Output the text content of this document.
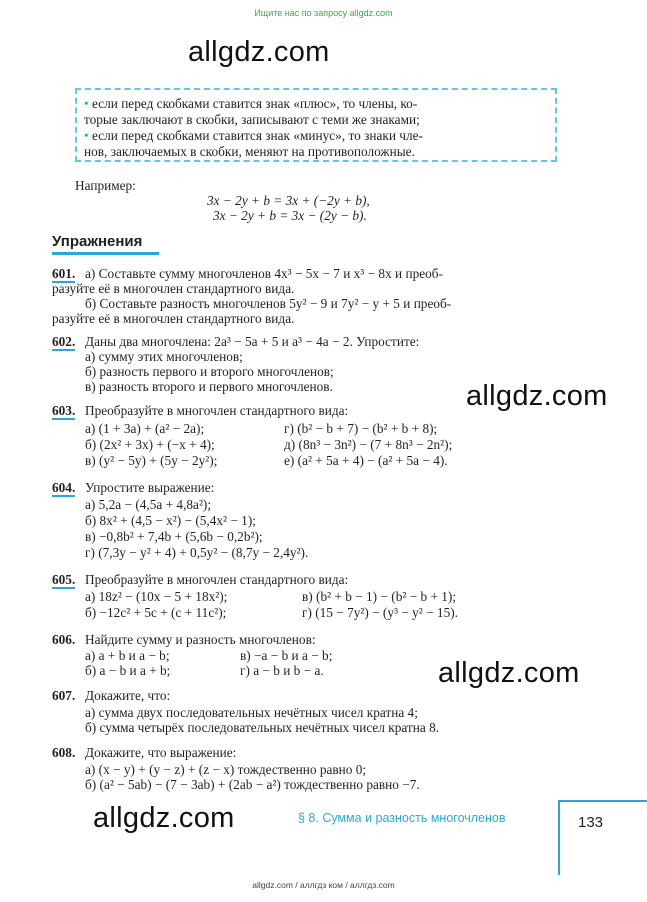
Ищите нас по запросу allgdz.com
allgdz.com
allgdz.com
allgdz.com
allgdz.com
• если перед скобками ставится знак «плюс», то члены, ко-
торые заключают в скобки, записывают с теми же знаками;
• если перед скобками ставится знак «минус», то знаки чле-
нов, заключаемых в скобки, меняют на противоположные.
Например:
3x − 2y + b = 3x + (−2y + b),
3x − 2y + b = 3x − (2y − b).
Упражнения
601. а) Составьте сумму многочленов 4x³ − 5x − 7 и x³ − 8x и преоб-
разуйте её в многочлен стандартного вида.
б) Составьте разность многочленов 5y² − 9 и 7y² − y + 5 и преоб-
разуйте её в многочлен стандартного вида.
602. Даны два многочлена: 2a³ − 5a + 5 и a³ − 4a − 2. Упростите:
а) сумму этих многочленов;
б) разность первого и второго многочленов;
в) разность второго и первого многочленов.
603. Преобразуйте в многочлен стандартного вида:
а) (1 + 3a) + (a² − 2a);
б) (2x² + 3x) + (−x + 4);
в) (y² − 5y) + (5y − 2y²);
г) (b² − b + 7) − (b² + b + 8);
д) (8n³ − 3n²) − (7 + 8n³ − 2n²);
е) (a² + 5a + 4) − (a² + 5a − 4).
604. Упростите выражение:
а) 5,2a − (4,5a + 4,8a²);
б) 8x² + (4,5 − x²) − (5,4x² − 1);
в) −0,8b² + 7,4b + (5,6b − 0,2b²);
г) (7,3y − y² + 4) + 0,5y² − (8,7y − 2,4y²).
605. Преобразуйте в многочлен стандартного вида:
а) 18z² − (10x − 5 + 18x²);
б) −12c² + 5c + (c + 11c²);
в) (b² + b − 1) − (b² − b + 1);
г) (15 − 7y²) − (y³ − y² − 15).
606. Найдите сумму и разность многочленов:
а) a + b и a − b;
б) a − b и a + b;
в) −a − b и a − b;
г) a − b и b − a.
607. Докажите, что:
а) сумма двух последовательных нечётных чисел кратна 4;
б) сумма четырёх последовательных нечётных чисел кратна 8.
608. Докажите, что выражение:
а) (x − y) + (y − z) + (z − x) тождественно равно 0;
б) (a² − 5ab) − (7 − 3ab) + (2ab − a²) тождественно равно −7.
§ 8. Сумма и разность многочленов	133
allgdz.com / аллгдз ком / аллгдз.com
